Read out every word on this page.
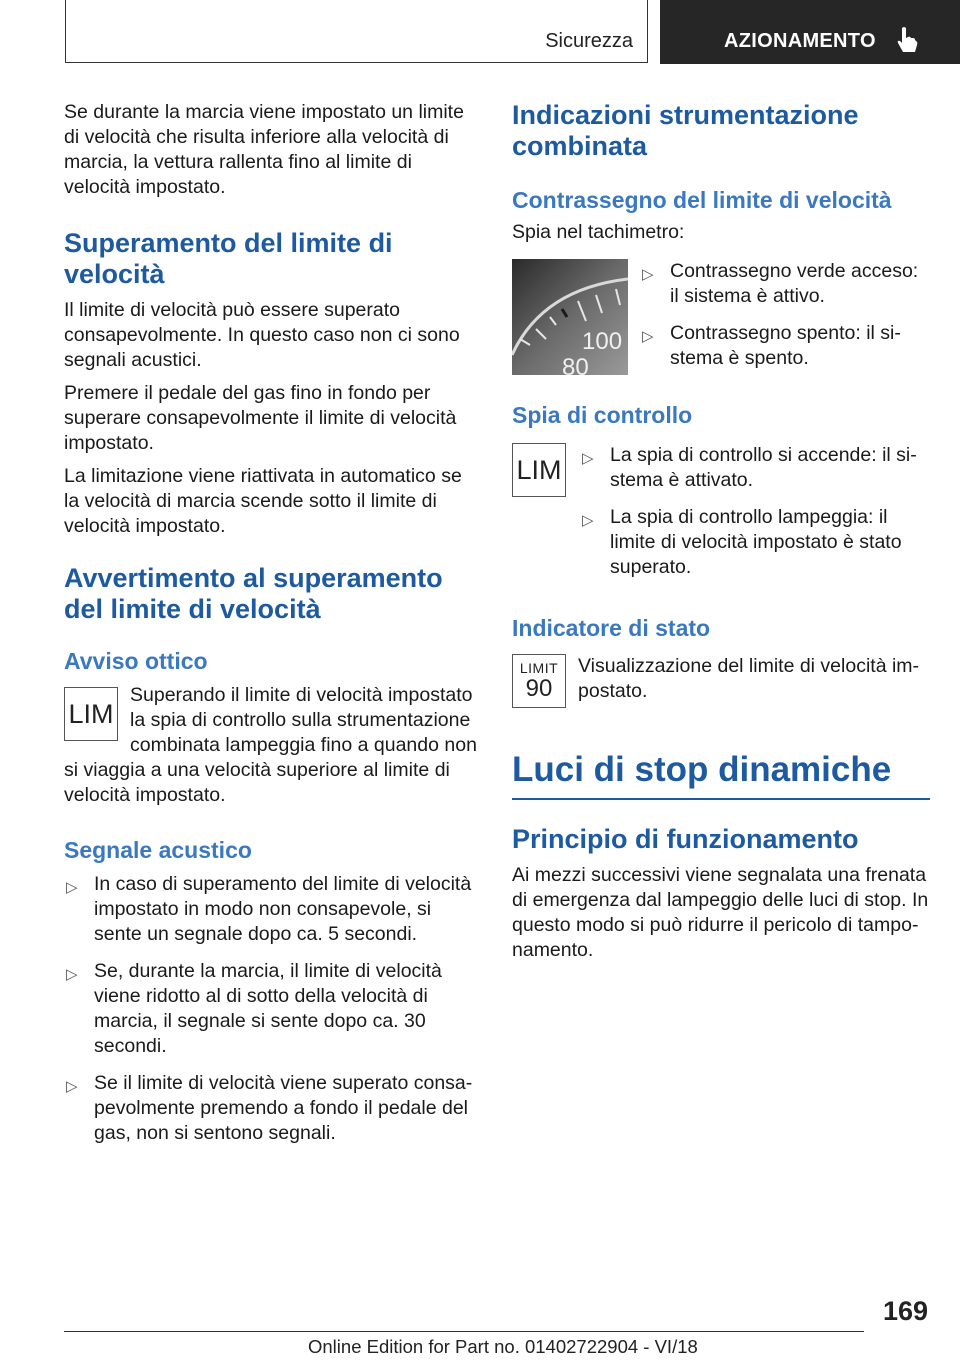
Sicurezza	AZIONAMENTO

Se durante la marcia viene impostato un limite di velocità che risulta inferiore alla velocità di marcia, la vettura rallenta fino al limite di velocità impostato.

Superamento del limite di velocità

Il limite di velocità può essere superato consapevolmente. In questo caso non ci sono segnali acustici.

Premere il pedale del gas fino in fondo per superare consapevolmente il limite di velocità impostato.

La limitazione viene riattivata in automatico se la velocità di marcia scende sotto il limite di velocità impostato.

Avvertimento al superamento del limite di velocità
Avviso ottico
LIM

Superando il limite di velocità impostato la spia di controllo sulla strumentazione combinata lampeggia fino a quando non si viaggia a una velocità superiore al limite di velocità impostato.

Segnale acustico
▷ In caso di superamento del limite di velocità impostato in modo non consapevole, si sente un segnale dopo ca. 5 secondi.
▷ Se, durante la marcia, il limite di velocità viene ridotto al di sotto della velocità di marcia, il segnale si sente dopo ca. 30 secondi.
▷ Se il limite di velocità viene superato consapevolmente premendo a fondo il pedale del gas, non si sentono segnali.
Indicazioni strumentazione combinata
Contrassegno del limite di velocità

Spia nel tachimetro:

100
80
▷ Contrassegno verde acceso: il sistema è attivo.
▷ Contrassegno spento: il sistema è spento.
Spia di controllo
LIM ▷ La spia di controllo si accende: il sistema è attivato.
▷ La spia di controllo lampeggia: il limite di velocità impostato è stato superato.
Indicatore di stato
LIMIT
90

Visualizzazione del limite di velocità impostato.

Luci di stop dinamiche
Principio di funzionamento

Ai mezzi successivi viene segnalata una frenata di emergenza dal lampeggio delle luci di stop. In questo modo si può ridurre il pericolo di tamponamento.

169
Online Edition for Part no. 01402722904 - VI/18
